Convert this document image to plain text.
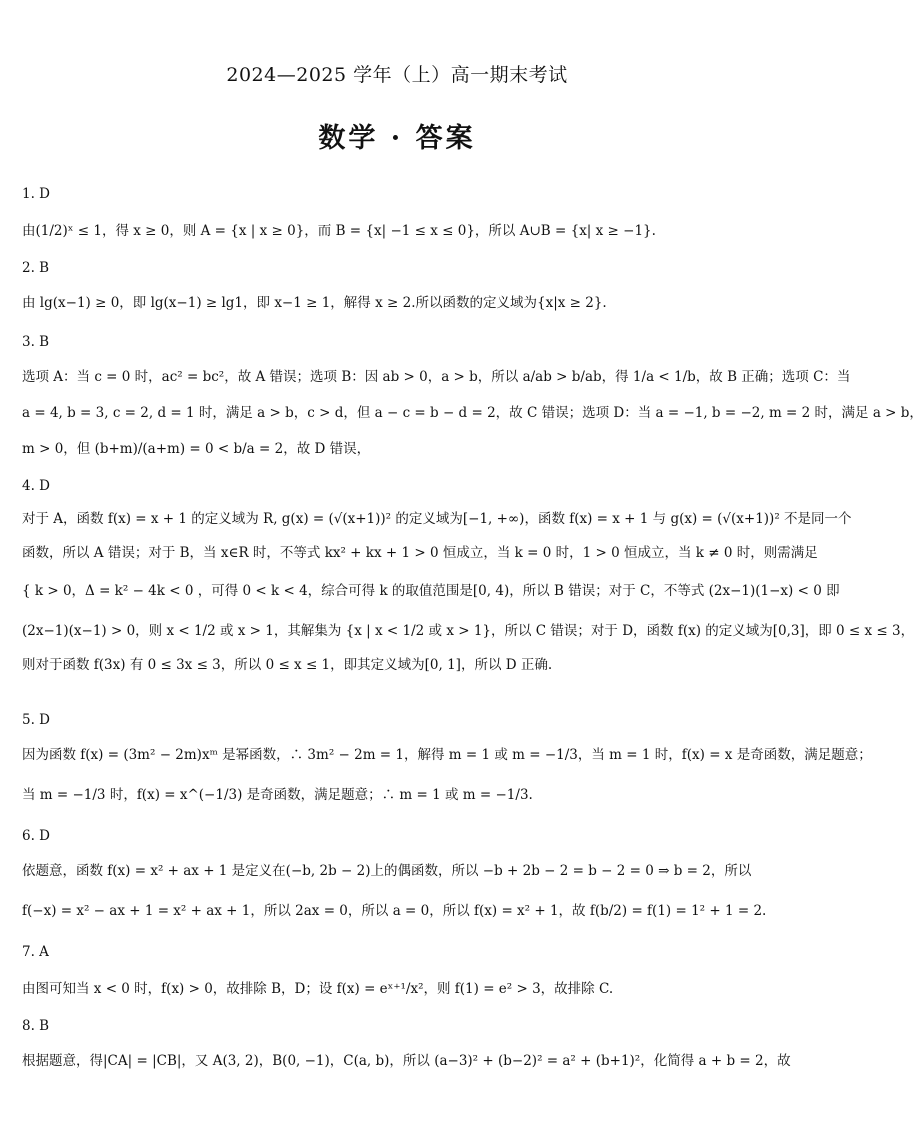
2024—2025 学年（上）高一期末考试
数学 · 答案
1. D
由(1/2)ˣ ≤ 1，得 x ≥ 0，则 A = {x | x ≥ 0}，而 B = {x| −1 ≤ x ≤ 0}，所以 A∪B = {x| x ≥ −1}.
2. B
由 lg(x−1) ≥ 0，即 lg(x−1) ≥ lg1，即 x−1 ≥ 1，解得 x ≥ 2.所以函数的定义域为{x|x ≥ 2}.
3. B
选项 A：当 c = 0 时，ac² = bc²，故 A 错误；选项 B：因 ab > 0，a > b，所以 a/ab > b/ab，得 1/a < 1/b，故 B 正确；选项 C：当
a = 4, b = 3, c = 2, d = 1 时，满足 a > b，c > d，但 a − c = b − d = 2，故 C 错误；选项 D：当 a = −1, b = −2, m = 2 时，满足 a > b，
m > 0，但 (b+m)/(a+m) = 0 < b/a = 2，故 D 错误，
4. D
对于 A，函数 f(x) = x + 1 的定义域为 R, g(x) = (√(x+1))² 的定义域为[−1, +∞)，函数 f(x) = x + 1 与 g(x) = (√(x+1))² 不是同一个
函数，所以 A 错误；对于 B，当 x∈R 时，不等式 kx² + kx + 1 > 0 恒成立，当 k = 0 时，1 > 0 恒成立，当 k ≠ 0 时，则需满足
{ k > 0，Δ = k² − 4k < 0 ，可得 0 < k < 4，综合可得 k 的取值范围是[0, 4)，所以 B 错误；对于 C，不等式 (2x−1)(1−x) < 0 即
(2x−1)(x−1) > 0，则 x < 1/2 或 x > 1，其解集为 {x | x < 1/2 或 x > 1}，所以 C 错误；对于 D，函数 f(x) 的定义域为[0,3]，即 0 ≤ x ≤ 3，
则对于函数 f(3x) 有 0 ≤ 3x ≤ 3，所以 0 ≤ x ≤ 1，即其定义域为[0, 1]，所以 D 正确.
5. D
因为函数 f(x) = (3m² − 2m)xᵐ 是幂函数，∴ 3m² − 2m = 1，解得 m = 1 或 m = −1/3，当 m = 1 时，f(x) = x 是奇函数，满足题意；
当 m = −1/3 时，f(x) = x^(−1/3) 是奇函数，满足题意；∴ m = 1 或 m = −1/3.
6. D
依题意，函数 f(x) = x² + ax + 1 是定义在(−b, 2b − 2)上的偶函数，所以 −b + 2b − 2 = b − 2 = 0 ⇒ b = 2，所以
f(−x) = x² − ax + 1 = x² + ax + 1，所以 2ax = 0，所以 a = 0，所以 f(x) = x² + 1，故 f(b/2) = f(1) = 1² + 1 = 2.
7. A
由图可知当 x < 0 时，f(x) > 0，故排除 B，D；设 f(x) = eˣ⁺¹/x²，则 f(1) = e² > 3，故排除 C.
8. B
根据题意，得|CA| = |CB|，又 A(3, 2)，B(0, −1)，C(a, b)，所以 (a−3)² + (b−2)² = a² + (b+1)²，化简得 a + b = 2，故
